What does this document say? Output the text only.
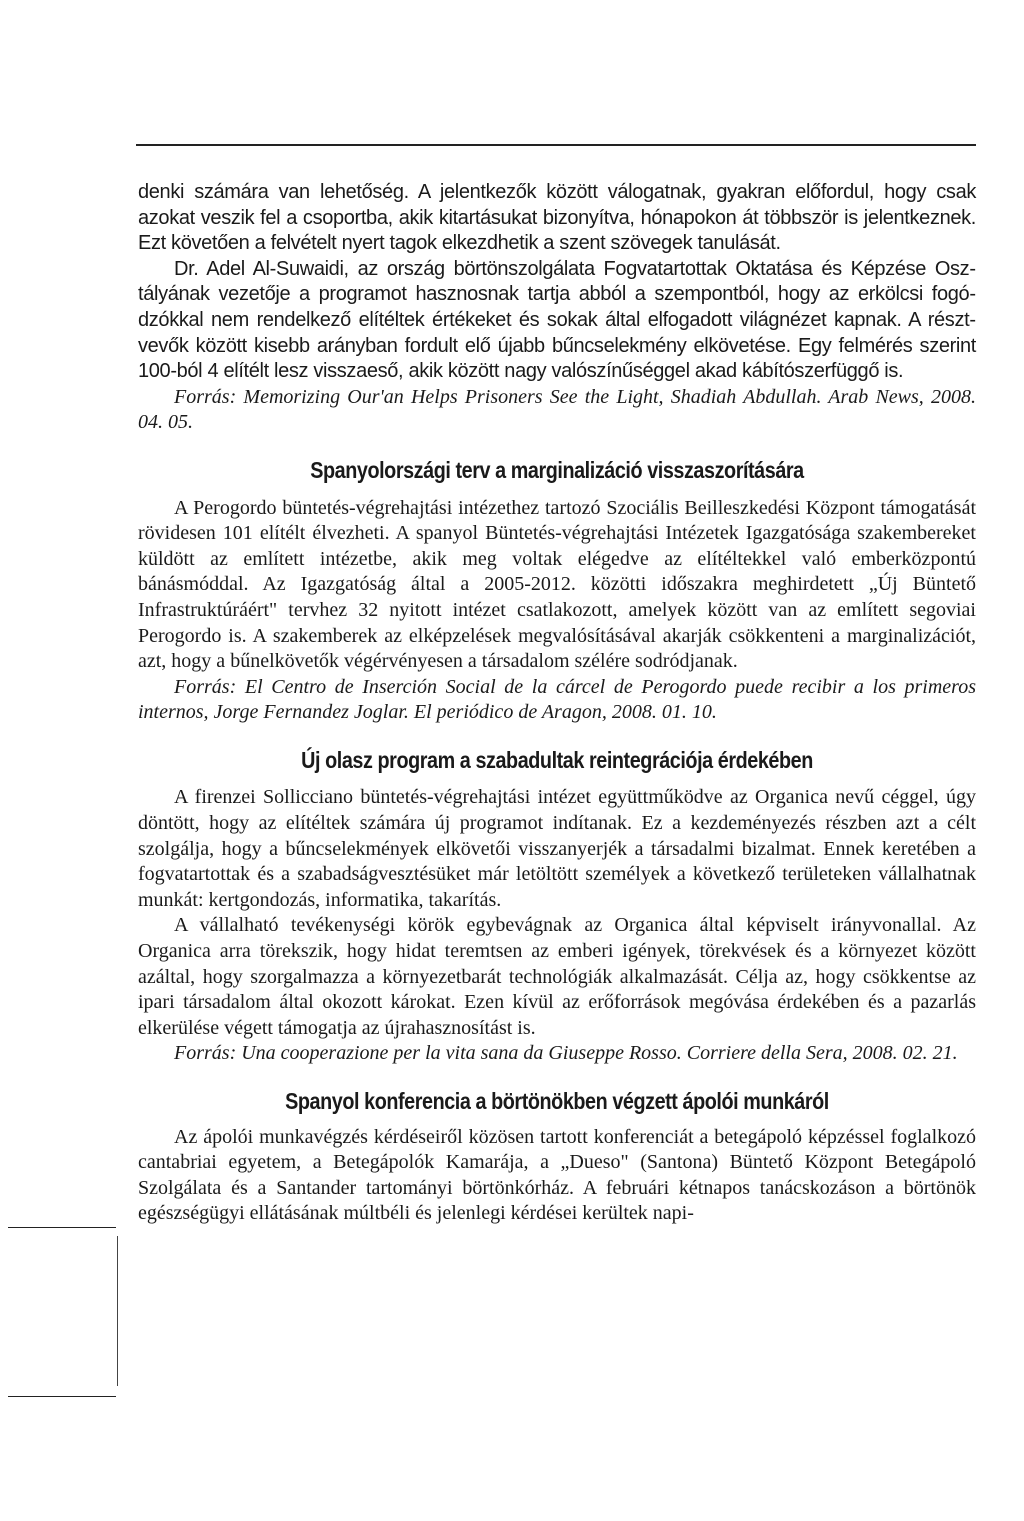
denki számára van lehetőség. A jelentkezők között válogatnak, gyakran előfordul, hogy csak azokat veszik fel a csoportba, akik kitartásukat bizonyítva, hónapokon át többször is jelentkeznek. Ezt követően a felvételt nyert tagok elkezdhetik a szent szövegek tanulását.

Dr. Adel Al-Suwaidi, az ország börtönszolgálata Fogvatartottak Oktatása és Képzése Osztályának vezetője a programot hasznosnak tartja abból a szempontból, hogy az erkölcsi fogódzókkal nem rendelkező elítéltek értékeket és sokak által elfogadott világnézet kapnak. A résztvevők között kisebb arányban fordult elő újabb bűncselekmény elkövetése. Egy felmérés szerint 100-ból 4 elítélt lesz visszaeső, akik között nagy valószínűséggel akad kábítószerfüggő is.

Forrás: Memorizing Our'an Helps Prisoners See the Light, Shadiah Abdullah. Arab News, 2008. 04. 05.

Spanyolországi terv a marginalizáció visszaszorítására

A Perogordo büntetés-végrehajtási intézethez tartozó Szociális Beilleszkedési Központ támogatását rövidesen 101 elítélt élvezheti. A spanyol Büntetés-végrehajtási Intézetek Igazgatósága szakembereket küldött az említett intézetbe, akik meg voltak elégedve az elítéltekkel való emberközpontú bánásmóddal. Az Igazgatóság által a 2005-2012. közötti időszakra meghirdetett „Új Büntető Infrastruktúráért" tervhez 32 nyitott intézet csatlakozott, amelyek között van az említett segoviai Perogordo is. A szakemberek az elképzelések megvalósításával akarják csökkenteni a marginalizációt, azt, hogy a bűnelkövetők végérvényesen a társadalom szélére sodródjanak.

Forrás: El Centro de Inserción Social de la cárcel de Perogordo puede recibir a los primeros internos, Jorge Fernandez Joglar. El periódico de Aragon, 2008. 01. 10.

Új olasz program a szabadultak reintegrációja érdekében

A firenzei Sollicciano büntetés-végrehajtási intézet együttműködve az Organica nevű céggel, úgy döntött, hogy az elítéltek számára új programot indítanak. Ez a kezdeményezés részben azt a célt szolgálja, hogy a bűncselekmények elkövetői visszanyerjék a társadalmi bizalmat. Ennek keretében a fogvatartottak és a szabadságvesztésüket már letöltött személyek a következő területeken vállalhatnak munkát: kertgondozás, informatika, takarítás.

A vállalható tevékenységi körök egybevágnak az Organica által képviselt irányvonallal. Az Organica arra törekszik, hogy hidat teremtsen az emberi igények, törekvések és a környezet között azáltal, hogy szorgalmazza a környezetbarát technológiák alkalmazását. Célja az, hogy csökkentse az ipari társadalom által okozott károkat. Ezen kívül az erőforrások megóvása érdekében és a pazarlás elkerülése végett támogatja az újrahasznosítást is.

Forrás: Una cooperazione per la vita sana da Giuseppe Rosso. Corriere della Sera, 2008. 02. 21.

Spanyol konferencia a börtönökben végzett ápolói munkáról

Az ápolói munkavégzés kérdéseiről közösen tartott konferenciát a betegápoló képzéssel foglalkozó cantabriai egyetem, a Betegápolók Kamarája, a „Dueso" (Santona) Büntető Központ Betegápoló Szolgálata és a Santander tartományi börtönkórház. A februári kétnapos tanácskozáson a börtönök egészségügyi ellátásának múltbéli és jelenlegi kérdései kerültek napi-
